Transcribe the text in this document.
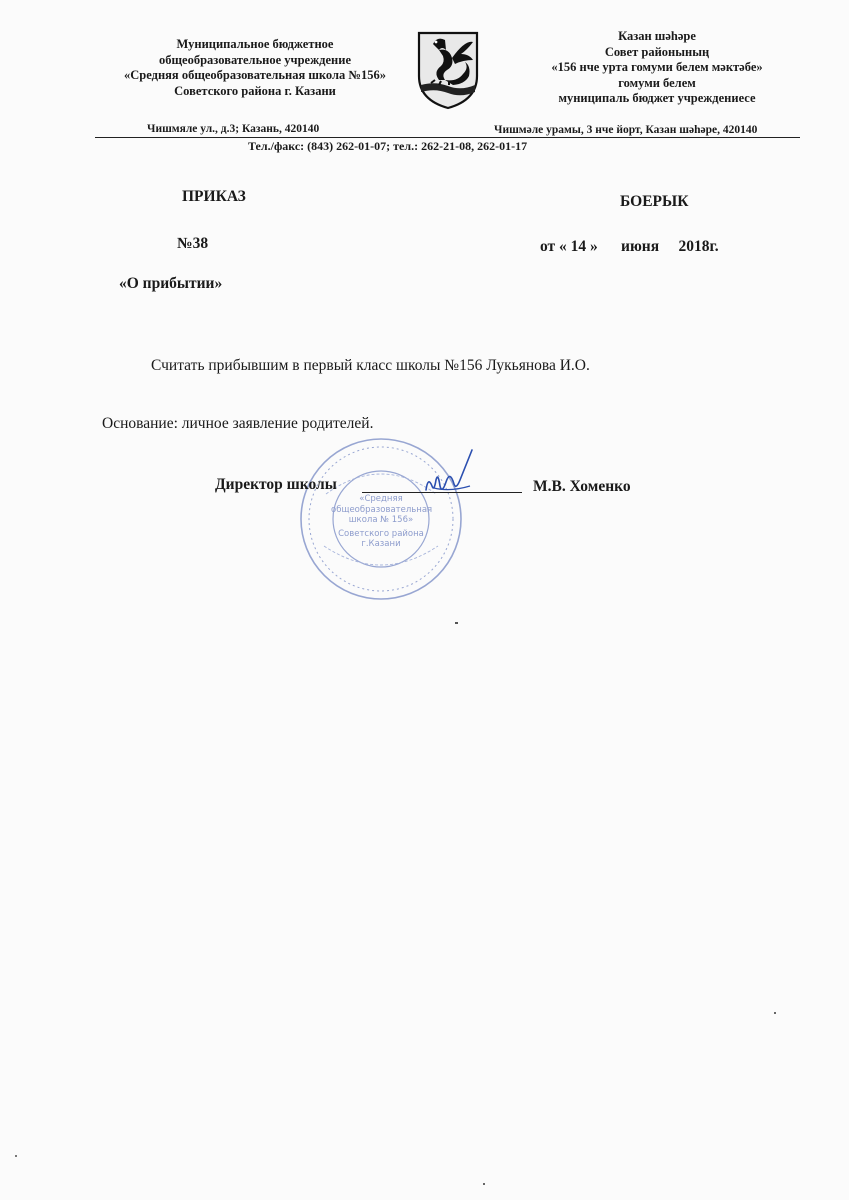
Муниципальное бюджетное
общеобразовательное учреждение
«Средняя общеобразовательная школа №156»
Советского района г. Казани
Казан шәһәре
Совет районының
«156 нче урта гомуми белем мәктәбе»
гомуми белем
муниципаль бюджет учреждениесе
Чишмяле ул., д.3; Казань, 420140	Чишмәле урамы, 3 нче йорт, Казан шәһәре, 420140
Тел./факс: (843) 262-01-07; тел.: 262-21-08, 262-01-17
ПРИКАЗ	БОЕРЫК
№38	от « 14 »      июня     2018г.
«О прибытии»
Считать прибывшим в первый класс школы №156 Лукьянова И.О.
Основание: личное заявление родителей.
«Средняя
общеобразовательная
школа № 156»
Советского района
г.Казани
Директор школы	М.В. Хоменко
